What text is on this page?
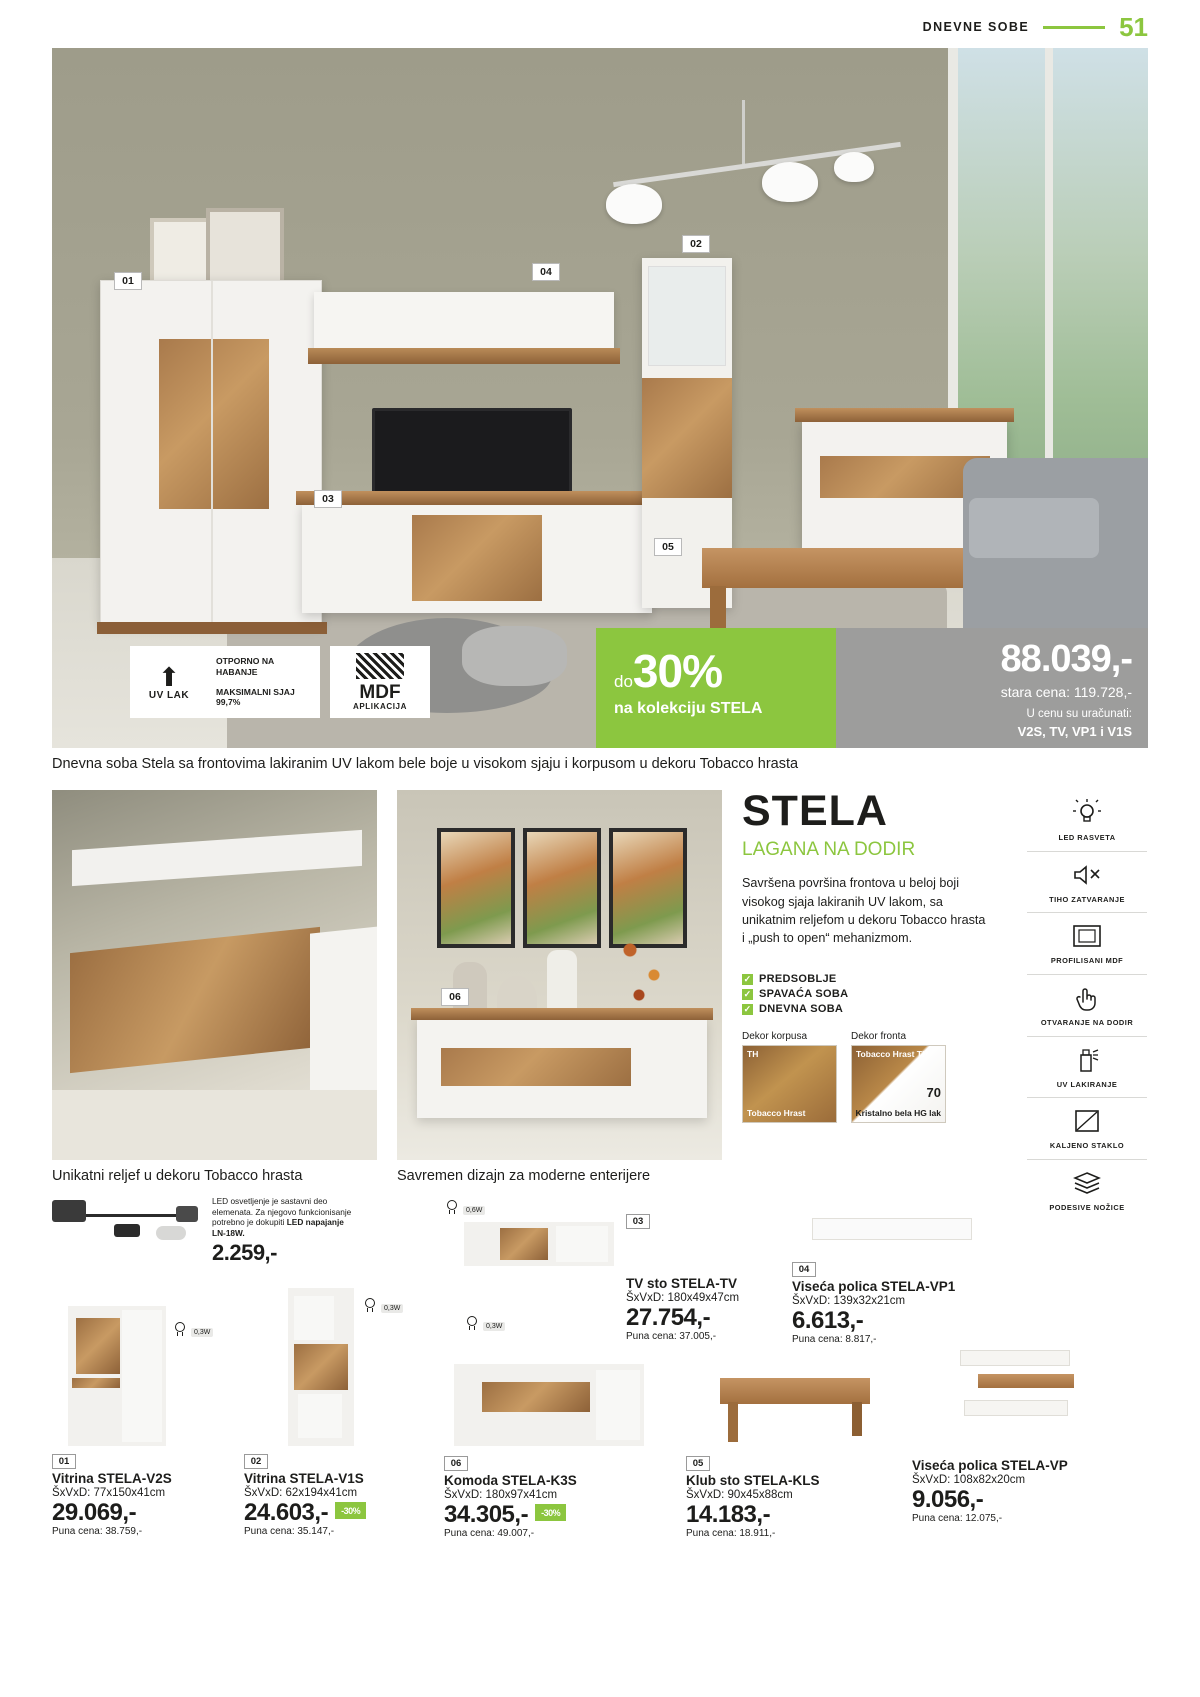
DNEVNE SOBE	51
01
02
03
04
05
⬆
UV LAK
OTPORNO NA HABANJE
MAKSIMALNI SJAJ 99,7%	MDF
APLIKACIJA
do30%
na kolekciju STELA
88.039,-
stara cena: 119.728,-
U cenu su uračunati:
V2S, TV, VP1 i V1S
Dnevna soba Stela sa frontovima lakiranim UV lakom bele boje u visokom sjaju i korpusom u dekoru Tobacco hrasta
Unikatni relјef u dekoru Tobacco hrasta
06
Savremen dizajn za moderne enterijere
STELA
LAGANA NA DODIR

Savršena površina frontova u beloj boji visokog sjaja lakiranih UV lakom, sa unikatnim reljefom u dekoru Tobacco hrasta i „push to open“ mehanizmom.

✓ PREDSOBLJE
✓ SPAVAĆA SOBA
✓ DNEVNA SOBA
Dekor korpusa
TH
Tobacco Hrast
Dekor fronta
Tobacco Hrast TH
70
Kristalno bela HG lak
LED RASVETA
TIHO ZATVARANJE
PROFILISANI MDF
OTVARANJE NA DODIR
UV LAKIRANJE
KALJENO STAKLO
PODESIVE NOŽICE
LED osvetljenje je sastavni deo elemenata. Za njegovo funkcionisanje potrebno je dokupiti LED napajanje LN-18W.
2.259,-
0,3W
01
Vitrina STELA-V2S
ŠxVxD: 77x150x41cm
29.069,-
Puna cena: 38.759,-
0,3W
02
Vitrina STELA-V1S
ŠxVxD: 62x194x41cm
24.603,- -30%
Puna cena: 35.147,-
0,6W
03
TV sto STELA-TV
ŠxVxD: 180x49x47cm
27.754,-
Puna cena: 37.005,-
04
Viseća polica STELA-VP1
ŠxVxD: 139x32x21cm
6.613,-
Puna cena: 8.817,-
0,3W
06
Komoda STELA-K3S
ŠxVxD: 180x97x41cm
34.305,- -30%
Puna cena: 49.007,-
05
Klub sto STELA-KLS
ŠxVxD: 90x45x88cm
14.183,-
Puna cena: 18.911,-
Viseća polica STELA-VP
ŠxVxD: 108x82x20cm
9.056,-
Puna cena: 12.075,-
